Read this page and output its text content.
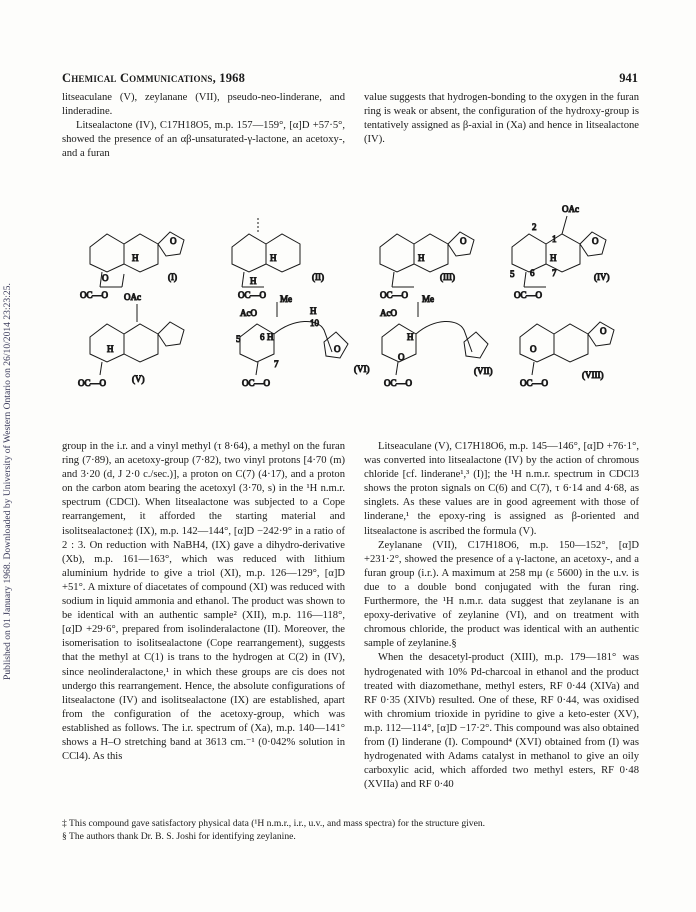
Published on 01 January 1968. Downloaded by University of Western Ontario on 26/10/2014 23:23:25.
Chemical Communications, 1968	941

litseaculane (V), zeylanane (VII), pseudo-neo-linderane, and linderadine.

Litsealactone (IV), C17H18O5, m.p. 157—159°, [α]D +57·5°, showed the presence of an αβ-unsaturated-γ-lactone, an acetoxy-, and a furan

value suggests that hydrogen-bonding to the oxygen in the furan ring is weak or absent, the configuration of the hydroxy-group is tentatively assigned as β-axial in (Xa) and hence in litsealactone (IV).

H
O
O
OC—O
(I)
H
H
OC—O
(II)
H
O
OC—O
(III)
OAc
2
1
H
5 6 7
O
OC—O
(IV)
OAc
H
OC—O	(V)
AcO
Me
H
10
5 6 H
7
O
OC—O
(VI)
AcO
Me
H
O
OC—O
(VII)
O
O
OC—O
(VIII)

group in the i.r. and a vinyl methyl (τ 8·64), a methyl on the furan ring (7·89), an acetoxy-group (7·82), two vinyl protons [4·70 (m) and 3·20 (d, J 2·0 c./sec.)], a proton on C(7) (4·17), and a proton on the carbon atom bearing the acetoxyl (3·70, s) in the ¹H n.m.r. spectrum (CDCl). When litsealactone was subjected to a Cope rearrangement, it afforded the starting material and isolitsealactone‡ (IX), m.p. 142—144°, [α]D −242·9° in a ratio of 2 : 3. On reduction with NaBH4, (IX) gave a dihydro-derivative (Xb), m.p. 161—163°, which was reduced with lithium aluminium hydride to give a triol (XI), m.p. 126—129°, [α]D +51°. A mixture of diacetates of compound (XI) was reduced with sodium in liquid ammonia and ethanol. The product was shown to be identical with an authentic sample² (XII), m.p. 116—118°, [α]D +29·6°, prepared from isolinderalactone (II). Moreover, the isomerisation to isolitsealactone (Cope rearrangement), suggests that the methyl at C(1) is trans to the hydrogen at C(2) in (IV), since neolinderalactone,¹ in which these groups are cis does not undergo this rearrangement. Hence, the absolute configurations of litsealactone (IV) and isolitsealactone (IX) are established, apart from the configuration of the acetoxy-group, which was established as follows. The i.r. spectrum of (Xa), m.p. 140—141° shows a H–O stretching band at 3613 cm.⁻¹ (0·042% solution in CCl4). As this

Litseaculane (V), C17H18O6, m.p. 145—146°, [α]D +76·1°, was converted into litsealactone (IV) by the action of chromous chloride [cf. linderane¹,³ (I)]; the ¹H n.m.r. spectrum in CDCl3 shows the proton signals on C(6) and C(7), τ 6·14 and 4·68, as singlets. As these values are in good agreement with those of linderane,¹ the epoxy-ring is assigned as β-oriented and litsealactone is ascribed the formula (V).

Zeylanane (VII), C17H18O6, m.p. 150—152°, [α]D +231·2°, showed the presence of a γ-lactone, an acetoxy-, and a furan group (i.r.). A maximum at 258 mμ (ε 5600) in the u.v. is due to a double bond conjugated with the furan ring. Furthermore, the ¹H n.m.r. data suggest that zeylanane is an epoxy-derivative of zeylanine (VI), and on treatment with chromous chloride, the product was identical with an authentic sample of zeylanine.§

When the desacetyl-product (XIII), m.p. 179—181° was hydrogenated with 10% Pd-charcoal in ethanol and the product treated with diazomethane, methyl esters, RF 0·44 (XIVa) and RF 0·35 (XIVb) resulted. One of these, RF 0·44, was oxidised with chromium trioxide in pyridine to give a keto-ester (XV), m.p. 112—114°, [α]D −17·2°. This compound was also obtained from (I) linderane (I). Compound⁴ (XVI) obtained from (I) was hydrogenated with Adams catalyst in methanol to give an oily carboxylic acid, which afforded two methyl esters, RF 0·48 (XVIIa) and RF 0·40

‡ This compound gave satisfactory physical data (¹H n.m.r., i.r., u.v., and mass spectra) for the structure given.

§ The authors thank Dr. B. S. Joshi for identifying zeylanine.
